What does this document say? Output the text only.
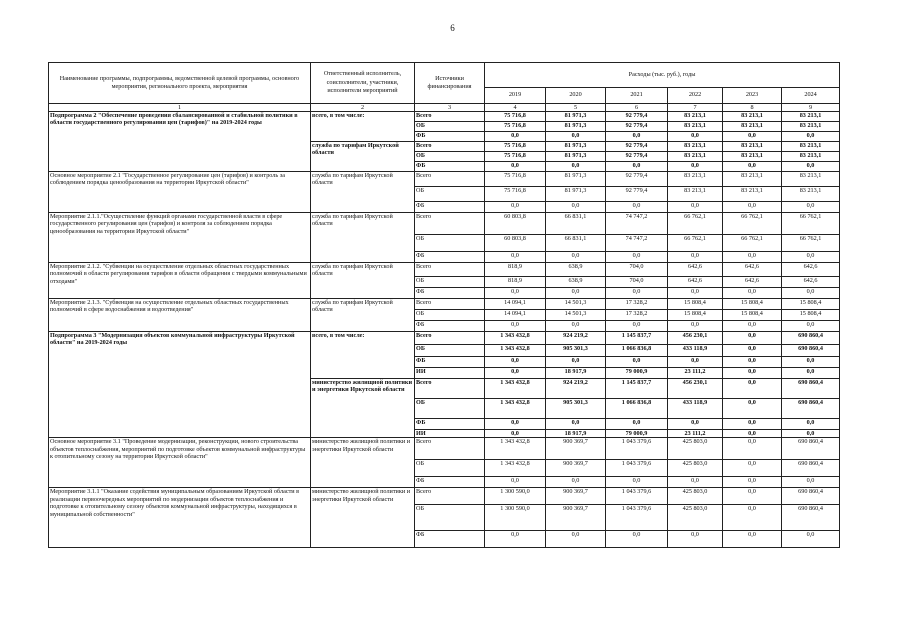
6
Наименование программы, подпрограммы, ведомственной целевой программы, основного мероприятия, регионального проекта, мероприятия	Ответственный исполнитель, соисполнители, участники, исполнители мероприятий	Источники финансирования	Расходы (тыс. руб.), годы					
			2019	2020	2021	2022	2023	2024
1	2	3	4	5	6	7	8	9
Подпрограмма 2 "Обеспечение проведения сбалансированной и стабильной политики в области государственного регулирования цен (тарифов)" на 2019-2024 годы	всего, в том числе:	Всего	75 716,8	81 971,3	92 779,4	83 213,1	83 213,1	83 213,1
		ОБ	75 716,8	81 971,3	92 779,4	83 213,1	83 213,1	83 213,1
		ФБ	0,0	0,0	0,0	0,0	0,0	0,0
	служба по тарифам Иркутской области	Всего	75 716,8	81 971,3	92 779,4	83 213,1	83 213,1	83 213,1
		ОБ	75 716,8	81 971,3	92 779,4	83 213,1	83 213,1	83 213,1
		ФБ	0,0	0,0	0,0	0,0	0,0	0,0
Основное мероприятие 2.1 "Государственное регулирование цен (тарифов) и контроль за соблюдением порядка ценообразования на территории Иркутской области"	служба по тарифам Иркутской области	Всего	75 716,8	81 971,3	92 779,4	83 213,1	83 213,1	83 213,1
		ОБ	75 716,8	81 971,3	92 779,4	83 213,1	83 213,1	83 213,1
		ФБ	0,0	0,0	0,0	0,0	0,0	0,0
Мероприятие 2.1.1."Осуществление функций органами государственной власти в сфере государственного регулирования цен (тарифов) и контроля за соблюдением порядка ценообразования на территории Иркутской области"	служба по тарифам Иркутской области	Всего	60 803,8	66 831,1	74 747,2	66 762,1	66 762,1	66 762,1
		ОБ	60 803,8	66 831,1	74 747,2	66 762,1	66 762,1	66 762,1
		ФБ	0,0	0,0	0,0	0,0	0,0	0,0
Мероприятие 2.1.2. "Субвенции на осуществление отдельных областных государственных полномочий в области регулирования тарифов в области обращения с твердыми коммунальными отходами"	служба по тарифам Иркутской области	Всего	818,9	638,9	704,0	642,6	642,6	642,6
		ОБ	818,9	638,9	704,0	642,6	642,6	642,6
		ФБ	0,0	0,0	0,0	0,0	0,0	0,0
Мероприятие 2.1.3. "Субвенция на осуществление отдельных областных государственных полномочий в сфере водоснабжения и водоотведения"	служба по тарифам Иркутской области	Всего	14 094,1	14 501,3	17 328,2	15 808,4	15 808,4	15 808,4
		ОБ	14 094,1	14 501,3	17 328,2	15 808,4	15 808,4	15 808,4
		ФБ	0,0	0,0	0,0	0,0	0,0	0,0
Подпрограмма 3 "Модернизация объектов коммунальной инфраструктуры Иркутской области" на 2019-2024 годы	всего, в том числе:	Всего	1 343 432,8	924 219,2	1 145 837,7	456 230,1	0,0	690 860,4
		ОБ	1 343 432,8	905 301,3	1 066 836,8	433 118,9	0,0	690 860,4
		ФБ	0,0	0,0	0,0	0,0	0,0	0,0
		ИИ	0,0	18 917,9	79 000,9	23 111,2	0,0	0,0
	министерство жилищной политики и энергетики Иркутской области	Всего	1 343 432,8	924 219,2	1 145 837,7	456 230,1	0,0	690 860,4
		ОБ	1 343 432,8	905 301,3	1 066 836,8	433 118,9	0,0	690 860,4
		ФБ	0,0	0,0	0,0	0,0	0,0	0,0
		ИИ	0,0	18 917,9	79 000,9	23 111,2	0,0	0,0
Основное мероприятие 3.1 "Проведение модернизации, реконструкции, нового строительства объектов теплоснабжения, мероприятий по подготовке объектов коммунальной инфраструктуры к отопительному сезону на территории Иркутской области"	министерство жилищной политики и энергетики Иркутской области	Всего	1 343 432,8	900 369,7	1 043 379,6	425 803,0	0,0	690 860,4
		ОБ	1 343 432,8	900 369,7	1 043 379,6	425 803,0	0,0	690 860,4
		ФБ	0,0	0,0	0,0	0,0	0,0	0,0
Мероприятие 3.1.1 "Оказание содействия муниципальным образованиям Иркутской области в реализации первоочередных мероприятий по модернизации объектов теплоснабжения и подготовке к отопительному сезону объектов коммунальной инфраструктуры, находящихся в муниципальной собственности"	министерство жилищной политики и энергетики Иркутской области	Всего	1 300 590,0	900 369,7	1 043 379,6	425 803,0	0,0	690 860,4
		ОБ	1 300 590,0	900 369,7	1 043 379,6	425 803,0	0,0	690 860,4
		ФБ	0,0	0,0	0,0	0,0	0,0	0,0
